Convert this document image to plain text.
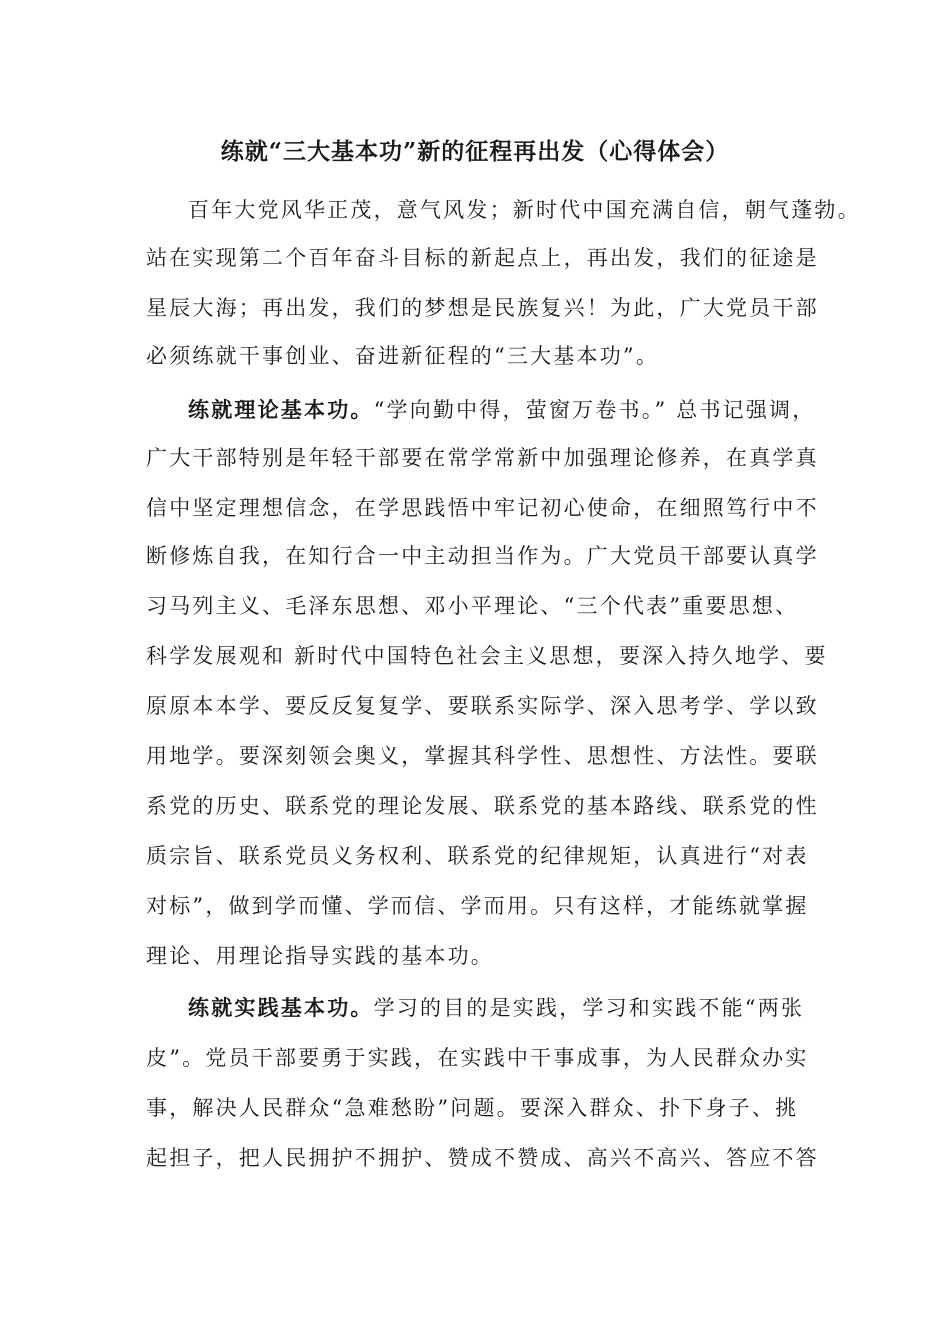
练就“三大基本功”新的征程再出发（心得体会）
百年大党风华正茂，意气风发；新时代中国充满自信，朝气蓬勃。
站在实现第二个百年奋斗目标的新起点上，再出发，我们的征途是
星辰大海；再出发，我们的梦想是民族复兴！为此，广大党员干部
必须练就干事创业、奋进新征程的“三大基本功”。
练就理论基本功。“学向勤中得，萤窗万卷书。” 总书记强调，
广大干部特别是年轻干部要在常学常新中加强理论修养，在真学真
信中坚定理想信念，在学思践悟中牢记初心使命，在细照笃行中不
断修炼自我，在知行合一中主动担当作为。广大党员干部要认真学
习马列主义、毛泽东思想、邓小平理论、“三个代表”重要思想、
科学发展观和 新时代中国特色社会主义思想，要深入持久地学、要
原原本本学、要反反复复学、要联系实际学、深入思考学、学以致
用地学。要深刻领会奥义，掌握其科学性、思想性、方法性。要联
系党的历史、联系党的理论发展、联系党的基本路线、联系党的性
质宗旨、联系党员义务权利、联系党的纪律规矩，认真进行“对表
对标”，做到学而懂、学而信、学而用。只有这样，才能练就掌握
理论、用理论指导实践的基本功。
练就实践基本功。学习的目的是实践，学习和实践不能“两张
皮”。党员干部要勇于实践，在实践中干事成事，为人民群众办实
事，解决人民群众“急难愁盼”问题。要深入群众、扑下身子、挑
起担子，把人民拥护不拥护、赞成不赞成、高兴不高兴、答应不答
